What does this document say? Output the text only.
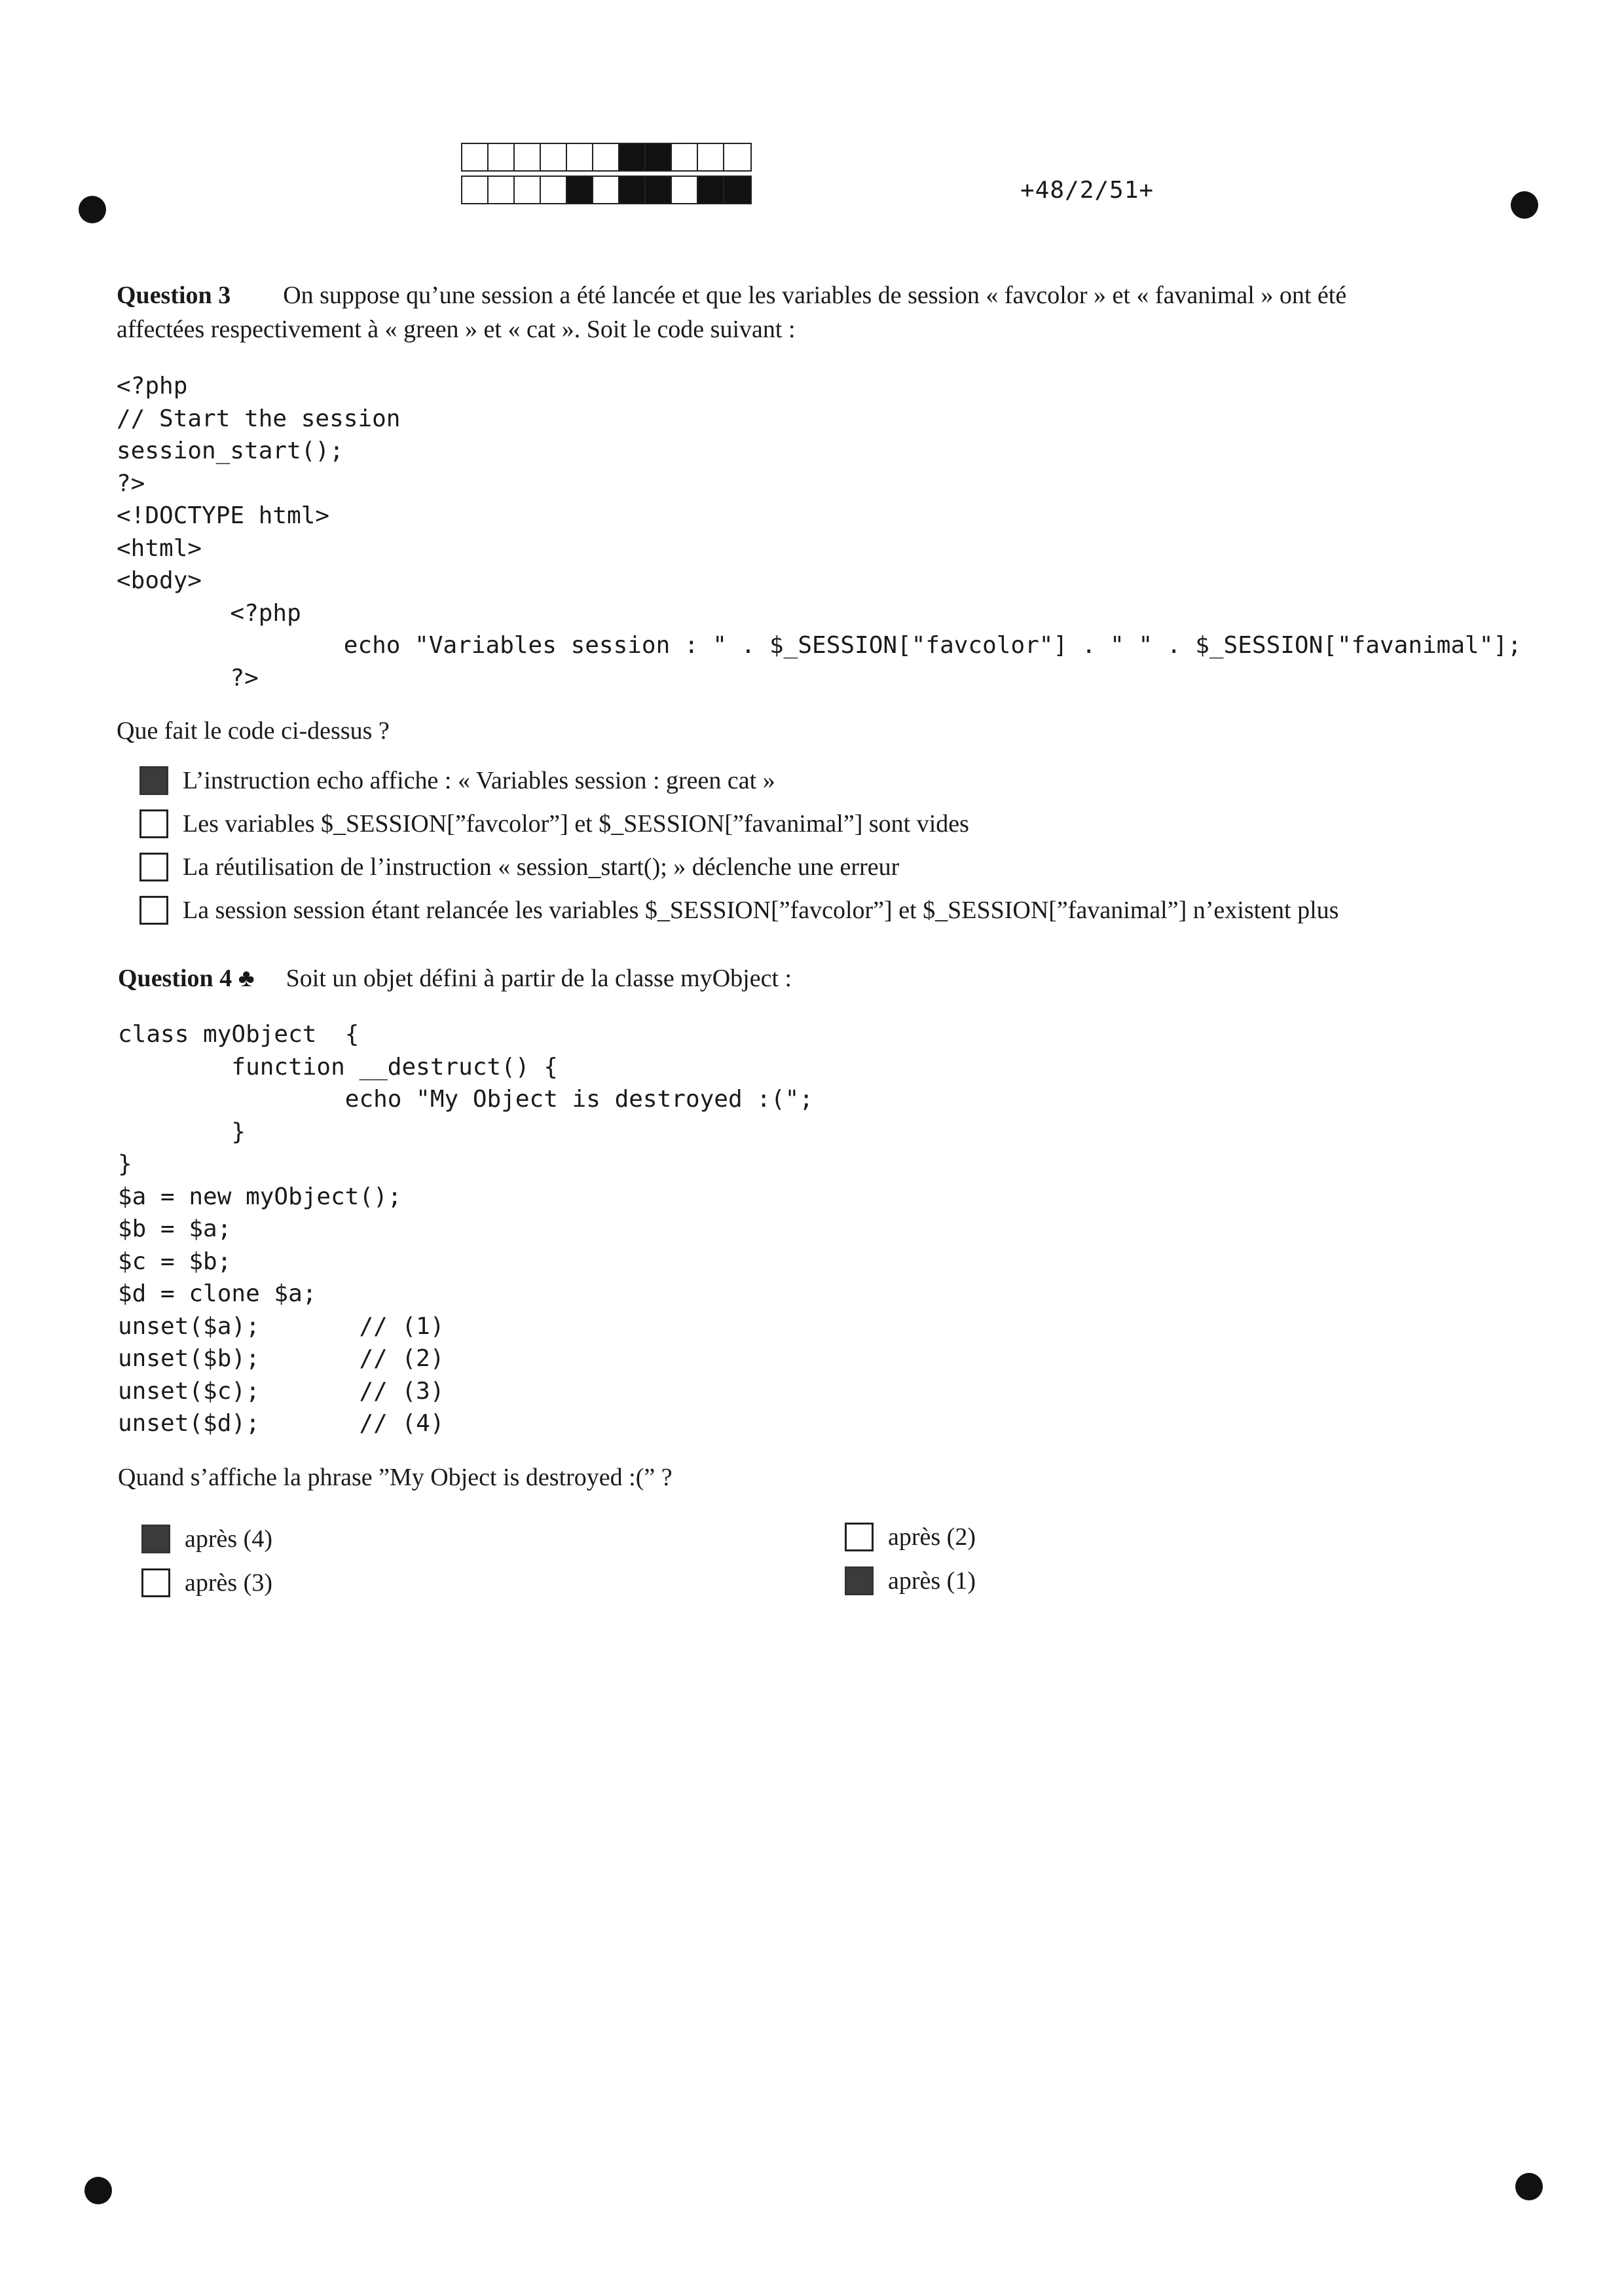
+48/2/51+
Question 3 On suppose qu’une session a été lancée et que les variables de session « favcolor » et « favanimal » ont été
affectées respectivement à « green » et « cat ». Soit le code suivant :
<?php
// Start the session
session_start();
?>
<!DOCTYPE html>
<html>
<body>
<?php
echo "Variables session : " . $_SESSION["favcolor"] . " " . $_SESSION["favanimal"];
?>
Que fait le code ci-dessus ?
L’instruction echo affiche : « Variables session : green cat »
Les variables $_SESSION[”favcolor”] et $_SESSION[”favanimal”] sont vides
La réutilisation de l’instruction « session_start(); » déclenche une erreur
La session session étant relancée les variables $_SESSION[”favcolor”] et $_SESSION[”favanimal”] n’existent plus
Question 4 ♣ Soit un objet défini à partir de la classe myObject :
class myObject  {
function __destruct() {
echo "My Object is destroyed :(";
}
}
$a = new myObject();
$b = $a;
$c = $b;
$d = clone $a;
unset($a);       // (1)
unset($b);       // (2)
unset($c);       // (3)
unset($d);       // (4)
Quand s’affiche la phrase ”My Object is destroyed :(” ?
après (4)
après (3)
après (2)
après (1)
